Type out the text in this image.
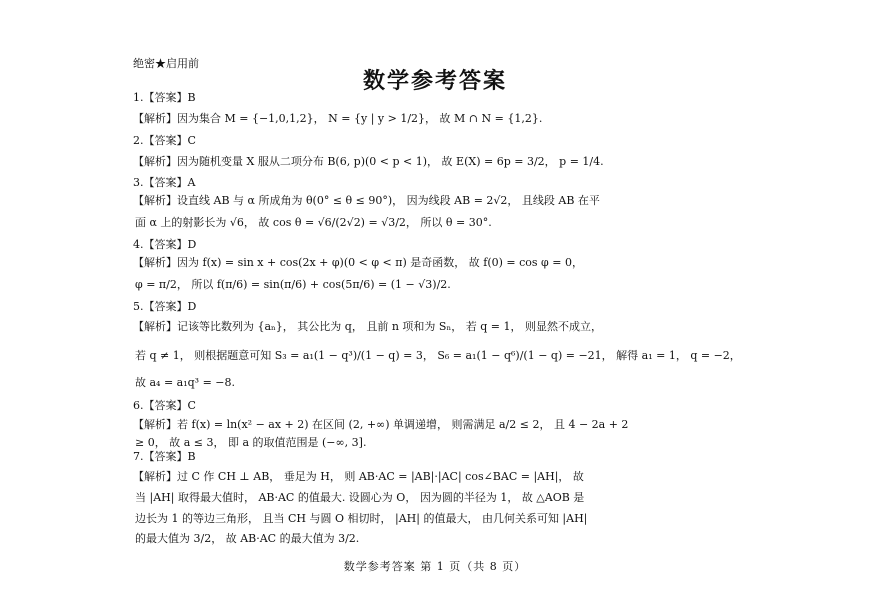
绝密★启用前
数学参考答案
1.【答案】B
【解析】因为集合 M = {−1,0,1,2}， N = {y | y > 1/2}， 故 M ∩ N = {1,2}.
2.【答案】C
【解析】因为随机变量 X 服从二项分布 B(6, p)(0 < p < 1)， 故 E(X) = 6p = 3/2， p = 1/4.
3.【答案】A
【解析】设直线 AB 与 α 所成角为 θ(0° ≤ θ ≤ 90°)， 因为线段 AB = 2√2， 且线段 AB 在平
面 α 上的射影长为 √6， 故 cos θ = √6/(2√2) = √3/2， 所以 θ = 30°.
4.【答案】D
【解析】因为 f(x) = sin x + cos(2x + φ)(0 < φ < π) 是奇函数， 故 f(0) = cos φ = 0，
φ = π/2， 所以 f(π/6) = sin(π/6) + cos(5π/6) = (1 − √3)/2.
5.【答案】D
【解析】记该等比数列为 {aₙ}， 其公比为 q， 且前 n 项和为 Sₙ， 若 q = 1， 则显然不成立，
若 q ≠ 1， 则根据题意可知 S₃ = a₁(1 − q³)/(1 − q) = 3， S₆ = a₁(1 − q⁶)/(1 − q) = −21， 解得 a₁ = 1， q = −2，
故 a₄ = a₁q³ = −8.
6.【答案】C
【解析】若 f(x) = ln(x² − ax + 2) 在区间 (2, +∞) 单调递增， 则需满足 a/2 ≤ 2， 且 4 − 2a + 2
≥ 0， 故 a ≤ 3， 即 a 的取值范围是 (−∞, 3].
7.【答案】B
【解析】过 C 作 CH ⊥ AB， 垂足为 H， 则 AB·AC = |AB|·|AC| cos∠BAC = |AH|， 故
当 |AH| 取得最大值时， AB·AC 的值最大. 设圆心为 O， 因为圆的半径为 1， 故 △AOB 是
边长为 1 的等边三角形， 且当 CH 与圆 O 相切时， |AH| 的值最大， 由几何关系可知 |AH|
的最大值为 3/2， 故 AB·AC 的最大值为 3/2.
数学参考答案 第 1 页（共 8 页）
